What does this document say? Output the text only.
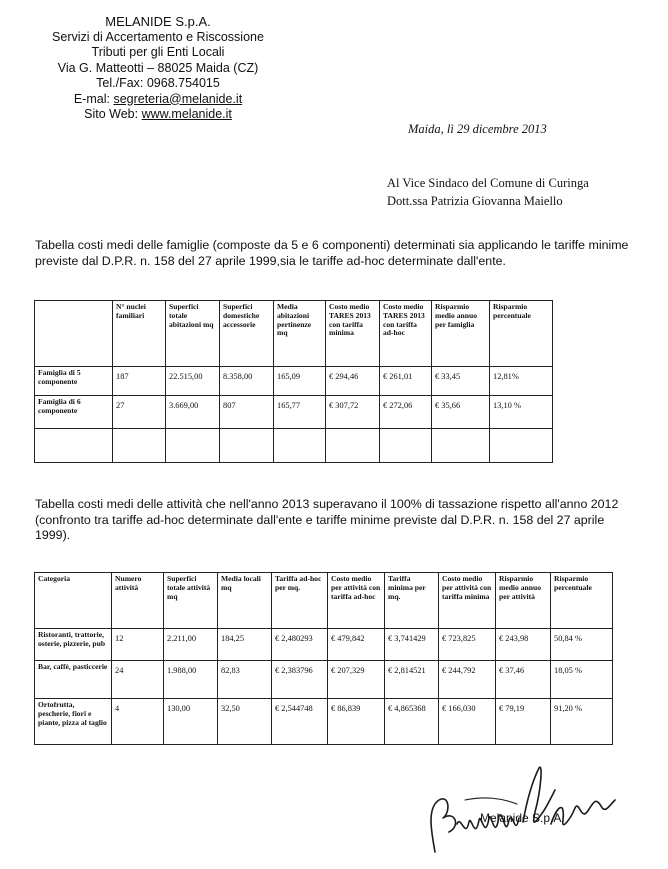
MELANIDE S.p.A.
Servizi di Accertamento e Riscossione
Tributi per gli Enti Locali
Via G. Matteotti – 88025 Maida (CZ)
Tel./Fax: 0968.754015
E-mal: segreteria@melanide.it
Sito Web: www.melanide.it
Maida, lì 29 dicembre 2013
Al Vice Sindaco del Comune di Curinga
Dott.ssa Patrizia Giovanna Maiello
Tabella costi medi delle famiglie (composte da 5 e 6 componenti) determinati sia applicando le tariffe minime previste dal D.P.R. n. 158 del 27 aprile 1999,sia le tariffe ad-hoc determinate dall'ente.
	N° nuclei familiari	Superfici totale abitazioni mq	Superfici domestiche accessorie	Media abitazioni pertinenze mq	Costo medio TARES 2013 con tariffa minima	Costo medio TARES 2013 con tariffa ad-hoc	Risparmio medio annuo per famiglia	Risparmio percentuale
Famiglia di 5 componente	187	22.515,00	8.358,00	165,09	€ 294,46	€ 261,01	€ 33,45	12,81%
Famiglia di 6 componente	27	3.669,00	807	165,77	€ 307,72	€ 272,06	€ 35,66	13,10 %

Tabella costi medi delle attività che nell'anno 2013 superavano il 100% di tassazione rispetto all'anno 2012 (confronto tra tariffe ad-hoc determinate dall'ente e tariffe minime previste dal D.P.R. n. 158 del 27 aprile 1999).
Categoria	Numero attività	Superfici totale attività mq	Media locali mq	Tariffa ad-hoc per mq.	Costo medio per attività con tariffa ad-hoc	Tariffa minima per mq.	Costo medio per attività con tariffa minima	Risparmio medio annuo per attività	Risparmio percentuale
Ristoranti, trattorie, osterie, pizzerie, pub	12	2.211,00	184,25	€ 2,480293	€ 479,842	€ 3,741429	€ 723,825	€ 243,98	50,84 %
Bar, caffè, pasticcerie	24	1.988,00	82,83	€ 2,383796	€ 207,329	€ 2,814521	€ 244,792	€ 37,46	18,05 %
Ortofrutta, pescherie, fiori e piante, pizza al taglio	4	130,00	32,50	€ 2,544748	€ 86,839	€ 4,865368	€ 166,030	€ 79,19	91,20 %
Melanide S.p.A.
